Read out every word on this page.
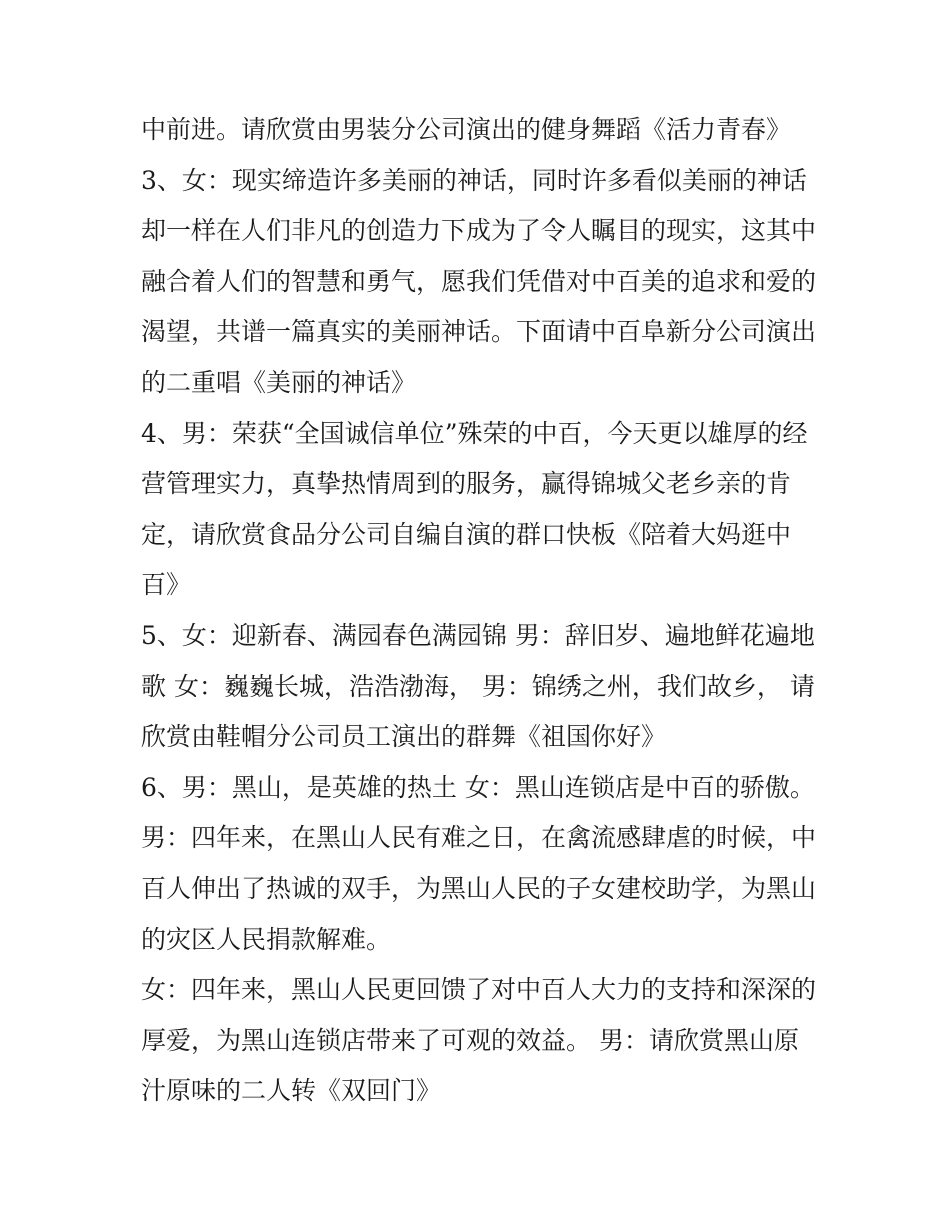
中前进。请欣赏由男装分公司演出的健身舞蹈《活力青春》
3、女：现实缔造许多美丽的神话，同时许多看似美丽的神话
却一样在人们非凡的创造力下成为了令人瞩目的现实，这其中
融合着人们的智慧和勇气，愿我们凭借对中百美的追求和爱的
渴望，共谱一篇真实的美丽神话。下面请中百阜新分公司演出
的二重唱《美丽的神话》
4、男：荣获“全国诚信单位”殊荣的中百，今天更以雄厚的经
营管理实力，真挚热情周到的服务，赢得锦城父老乡亲的肯
定，请欣赏食品分公司自编自演的群口快板《陪着大妈逛中
百》
5、女：迎新春、满园春色满园锦 男：辞旧岁、遍地鲜花遍地
歌 女：巍巍长城，浩浩渤海， 男：锦绣之州，我们故乡， 请
欣赏由鞋帽分公司员工演出的群舞《祖国你好》
6、男：黑山，是英雄的热土 女：黑山连锁店是中百的骄傲。
男：四年来，在黑山人民有难之日，在禽流感肆虐的时候，中
百人伸出了热诚的双手，为黑山人民的子女建校助学，为黑山
的灾区人民捐款解难。
女：四年来，黑山人民更回馈了对中百人大力的支持和深深的
厚爱，为黑山连锁店带来了可观的效益。 男：请欣赏黑山原
汁原味的二人转《双回门》
